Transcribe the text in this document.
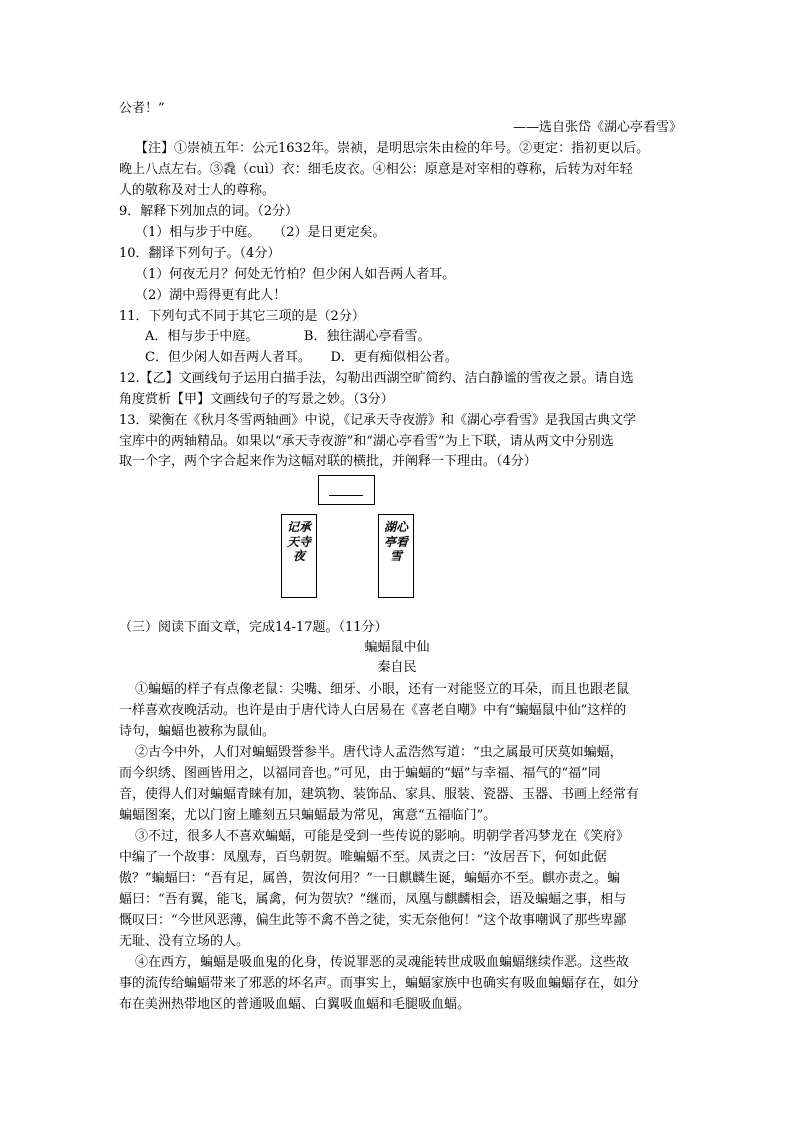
公者！”
——选自张岱《湖心亭看雪》
【注】①崇祯五年：公元1632年。崇祯，是明思宗朱由检的年号。②更定：指初更以后。
晚上八点左右。③毳（cuì）衣：细毛皮衣。④相公：原意是对宰相的尊称，后转为对年轻
人的敬称及对士人的尊称。
9．解释下列加点的词。（2分）
（1）相与步于中庭。　　（2）是日更定矣。
10．翻译下列句子。（4分）
（1）何夜无月？何处无竹柏？但少闲人如吾两人者耳。
（2）湖中焉得更有此人！
11．下列句式不同于其它三项的是（2分）
A．相与步于中庭。　　　　B．独往湖心亭看雪。
C．但少闲人如吾两人者耳。　　D．更有痴似相公者。
12.【乙】文画线句子运用白描手法，勾勒出西湖空旷简约、洁白静谧的雪夜之景。请自选
角度赏析【甲】文画线句子的写景之妙。（3分）
13．梁衡在《秋月冬雪两轴画》中说，《记承天寺夜游》和《湖心亭看雪》是我国古典文学
宝库中的两轴精品。如果以“承天寺夜游”和“湖心亭看雪”为上下联，请从两文中分别选
取一个字，两个字合起来作为这幅对联的横批，并阐释一下理由。（4分）
记承天寺夜
湖心亭看雪
（三）阅读下面文章，完成14-17题。（11分）
蝙蝠鼠中仙
秦自民
①蝙蝠的样子有点像老鼠：尖嘴、细牙、小眼，还有一对能竖立的耳朵，而且也跟老鼠
一样喜欢夜晚活动。也许是由于唐代诗人白居易在《喜老自嘲》中有“蝙蝠鼠中仙”这样的
诗句，蝙蝠也被称为鼠仙。
②古今中外，人们对蝙蝠毁誉参半。唐代诗人孟浩然写道：“虫之属最可厌莫如蝙蝠，
而今织绣、图画皆用之，以福同音也。”可见，由于蝙蝠的“蝠”与幸福、福气的“福”同
音，使得人们对蝙蝠青睐有加，建筑物、装饰品、家具、服装、瓷器、玉器、书画上经常有
蝙蝠图案，尤以门窗上雕刻五只蝙蝠最为常见，寓意“五福临门”。
③不过，很多人不喜欢蝙蝠，可能是受到一些传说的影响。明朝学者冯梦龙在《笑府》
中编了一个故事：凤凰寿，百鸟朝贺。唯蝙蝠不至。凤责之曰：“汝居吾下，何如此倨
傲？”蝙蝠曰：“吾有足，属兽，贺汝何用？”一日麒麟生诞，蝙蝠亦不至。麒亦责之。蝙
蝠曰：“吾有翼，能飞，属禽，何为贺欤？”继而，凤凰与麒麟相会，语及蝙蝠之事，相与
慨叹曰：“今世风恶薄，偏生此等不禽不兽之徒，实无奈他何！”这个故事嘲讽了那些卑鄙
无耻、没有立场的人。
④在西方，蝙蝠是吸血鬼的化身，传说罪恶的灵魂能转世成吸血蝙蝠继续作恶。这些故
事的流传给蝙蝠带来了邪恶的坏名声。而事实上，蝙蝠家族中也确实有吸血蝙蝠存在，如分
布在美洲热带地区的普通吸血蝠、白翼吸血蝠和毛腿吸血蝠。
